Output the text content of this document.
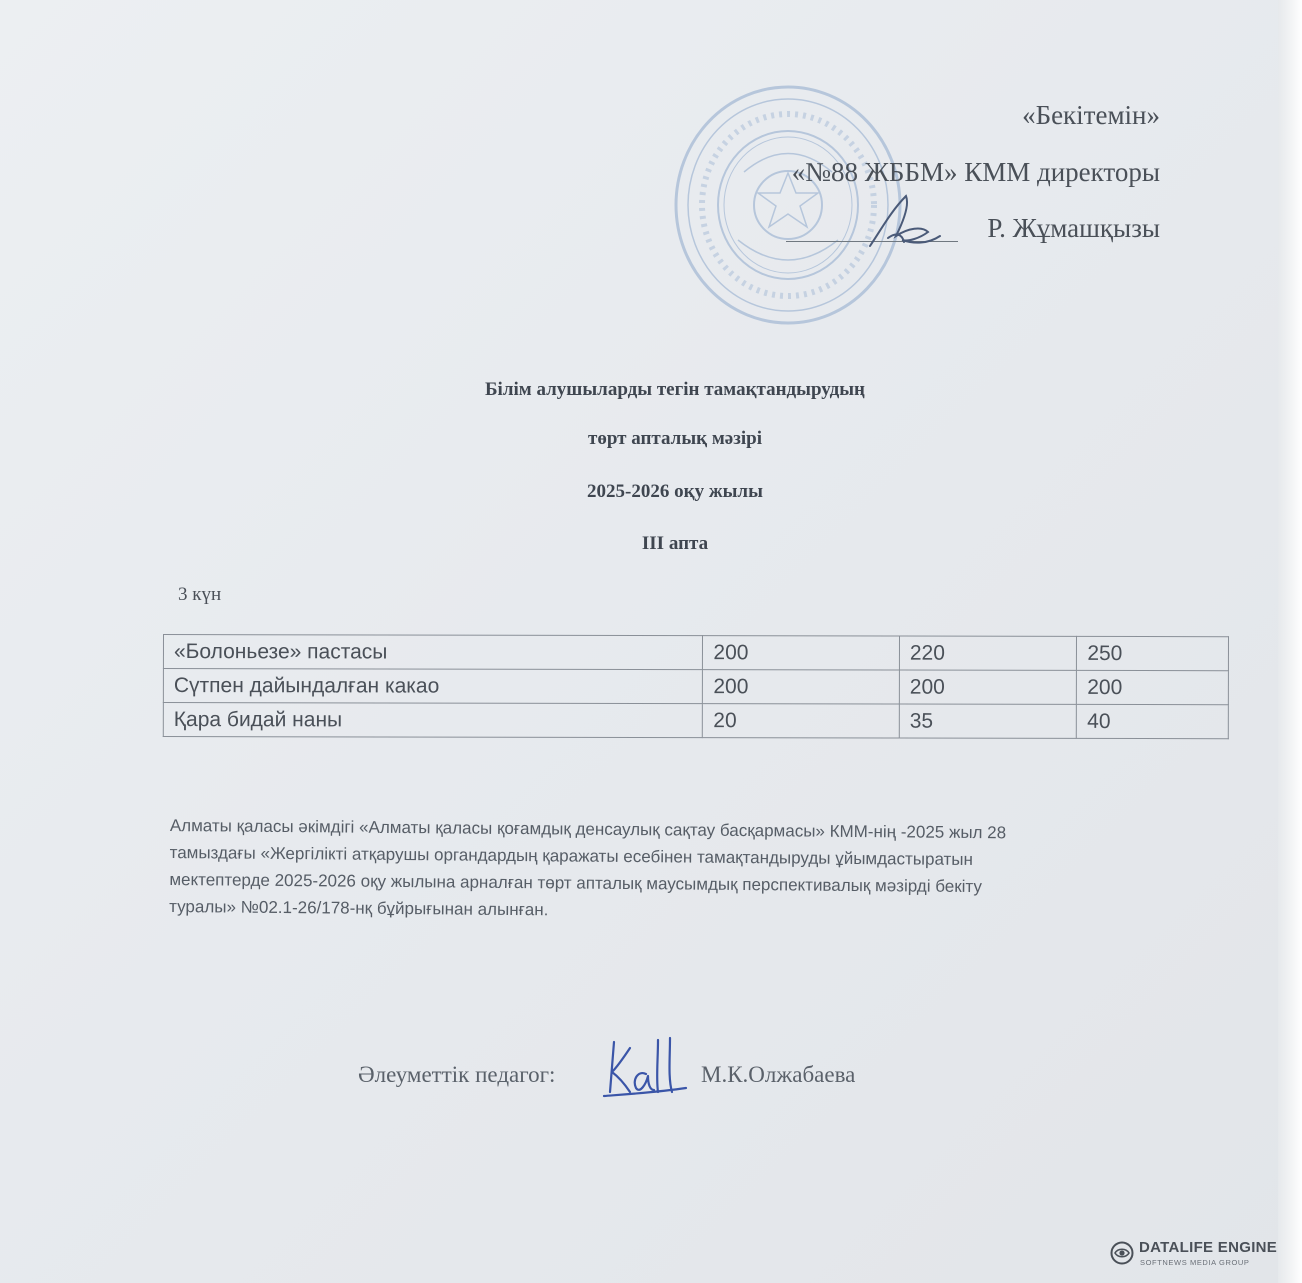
«Бекітемін»
«№88 ЖББМ» КММ директоры
Р. Жұмашқызы
Білім алушыларды тегін тамақтандырудың
төрт апталық мәзірі
2025-2026 оқу жылы
ІІІ апта
3 күн
«Болоньезе» пастасы	200	220	250
Сүтпен дайындалған какао	200	200	200
Қара бидай наны	20	35	40
Алматы қаласы әкімдігі «Алматы қаласы қоғамдық денсаулық сақтау басқармасы» КММ-нің -2025 жыл 28
тамыздағы «Жергілікті атқарушы органдардың қаражаты есебінен тамақтандыруды ұйымдастыратын
мектептерде 2025-2026 оқу жылына арналған төрт апталық маусымдық перспективалық мәзірді бекіту
туралы» №02.1-26/178-нқ бұйрығынан алынған.
Әлеуметтік педагог:	М.К.Олжабаева
DATALIFE ENGINE
SOFTNEWS MEDIA GROUP
